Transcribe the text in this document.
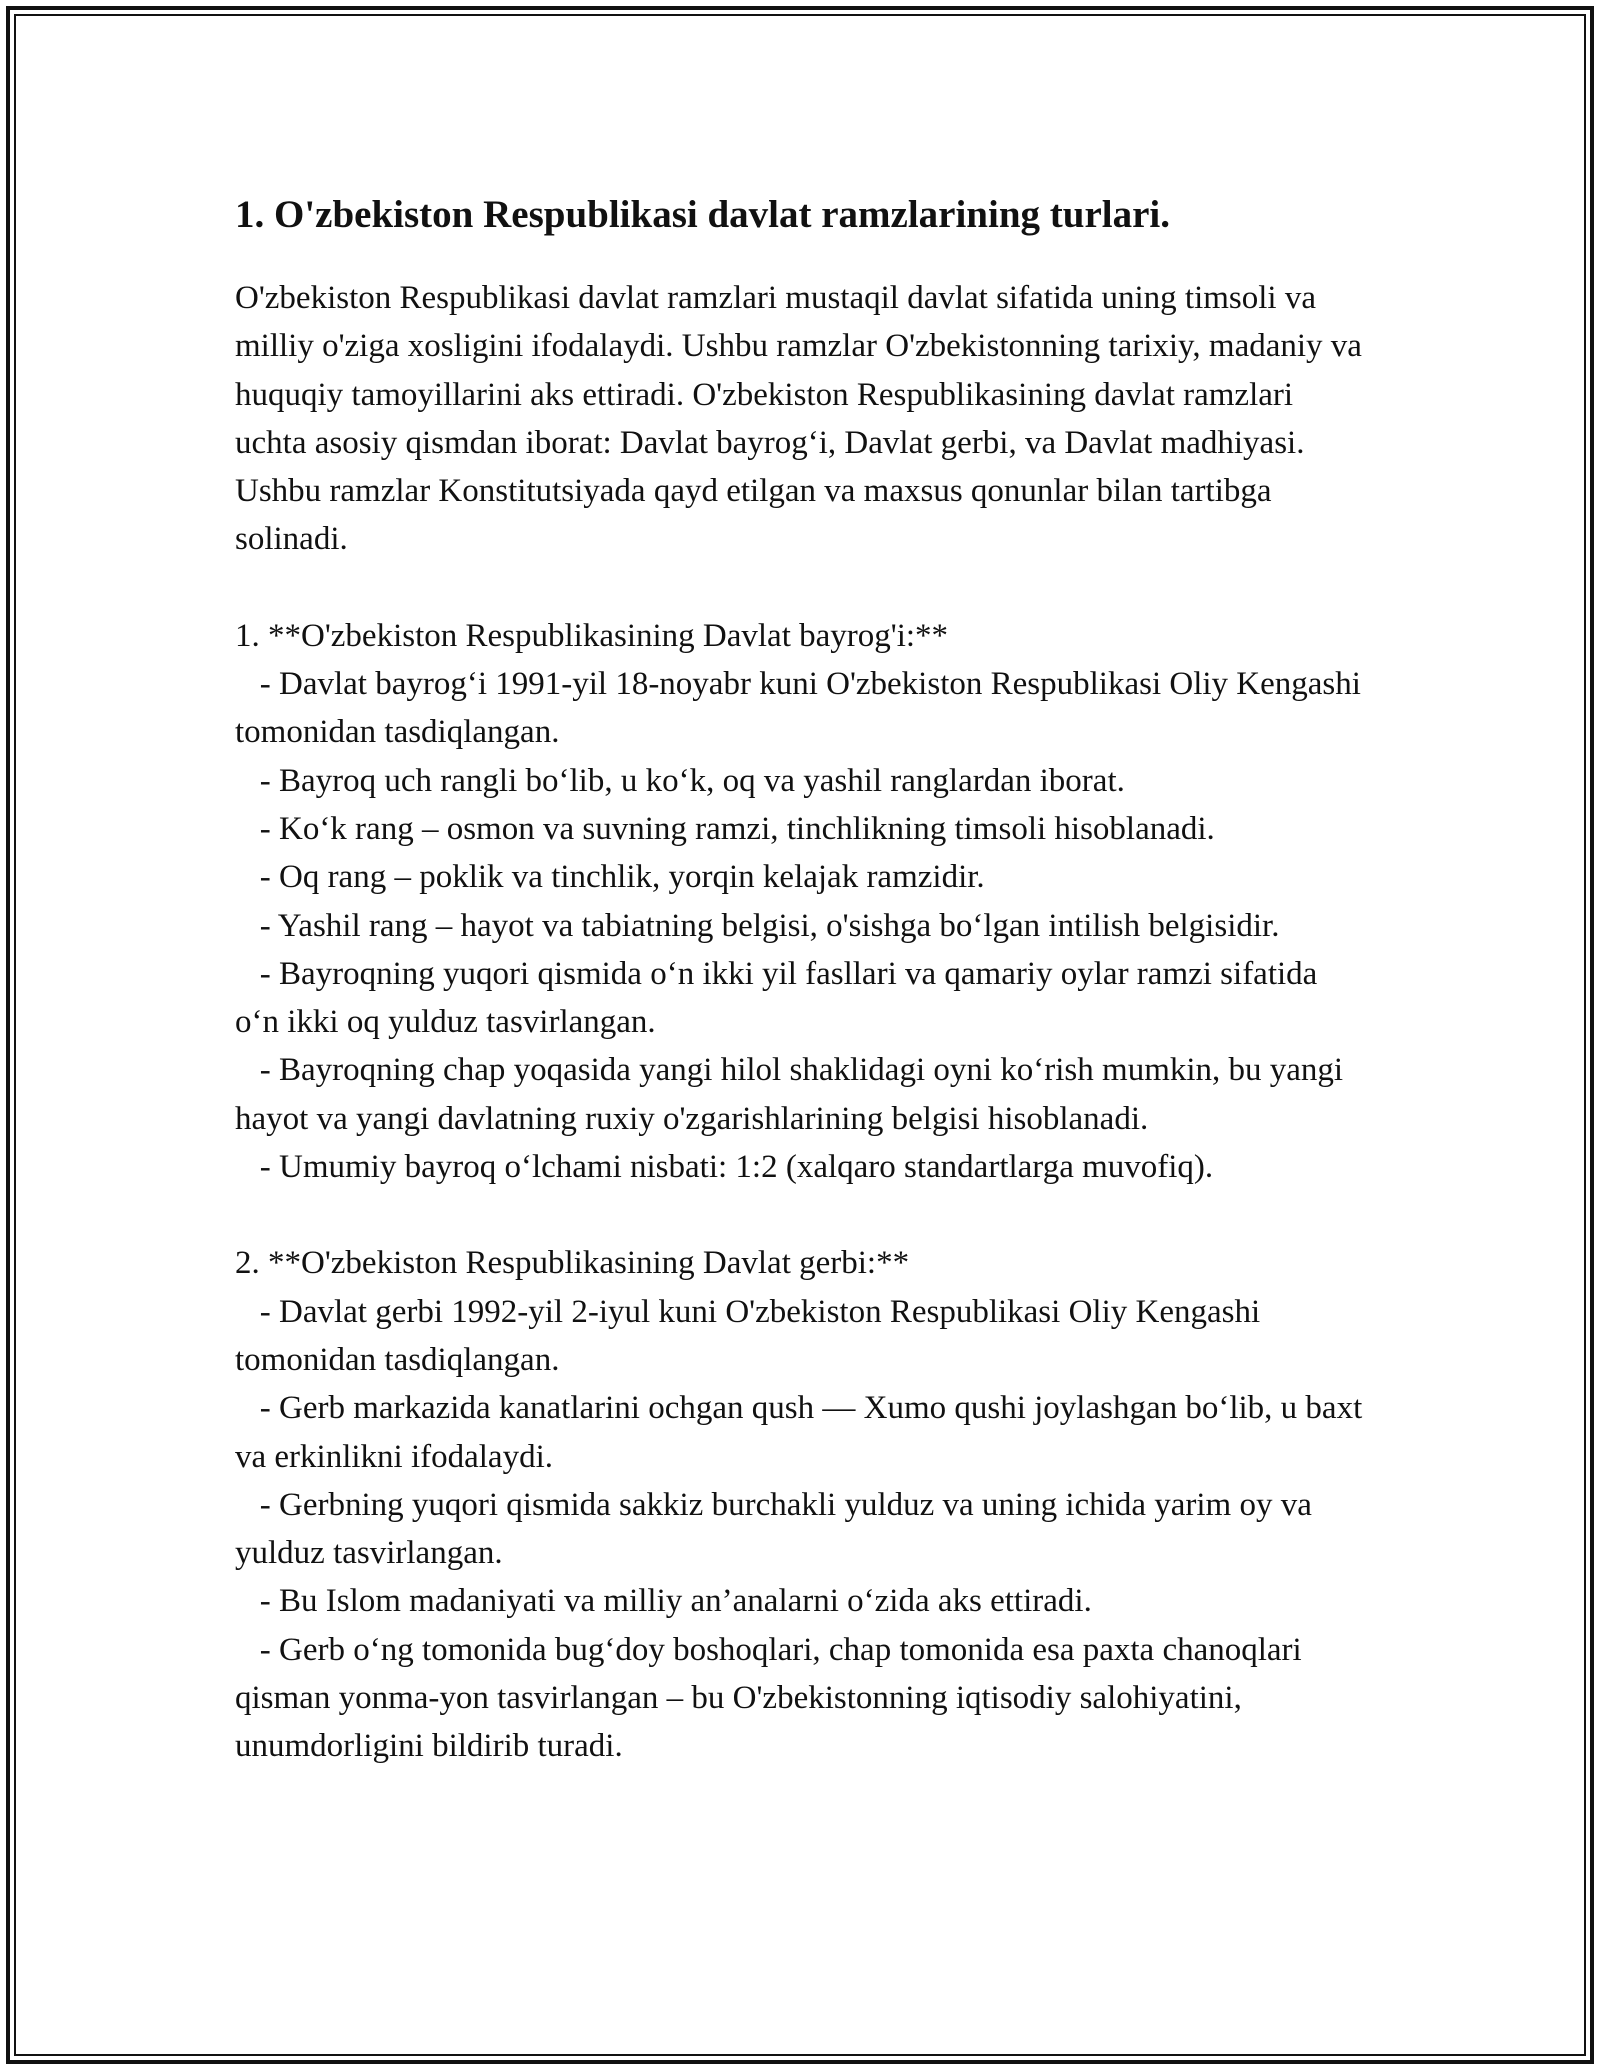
1. O'zbekiston Respublikasi davlat ramzlarining turlari.

O'zbekiston Respublikasi davlat ramzlari mustaqil davlat sifatida uning timsoli va milliy o'ziga xosligini ifodalaydi. Ushbu ramzlar O'zbekistonning tarixiy, madaniy va huquqiy tamoyillarini aks ettiradi. O'zbekiston Respublikasining davlat ramzlari uchta asosiy qismdan iborat: Davlat bayrog‘i, Davlat gerbi, va Davlat madhiyasi. Ushbu ramzlar Konstitutsiyada qayd etilgan va maxsus qonunlar bilan tartibga solinadi.

1. **O'zbekiston Respublikasining Davlat bayrog'i:**

- Davlat bayrog‘i 1991-yil 18-noyabr kuni O'zbekiston Respublikasi Oliy Kengashi tomonidan tasdiqlangan.

- Bayroq uch rangli bo‘lib, u ko‘k, oq va yashil ranglardan iborat.

- Ko‘k rang – osmon va suvning ramzi, tinchlikning timsoli hisoblanadi.

- Oq rang – poklik va tinchlik, yorqin kelajak ramzidir.

- Yashil rang – hayot va tabiatning belgisi, o'sishga bo‘lgan intilish belgisidir.

- Bayroqning yuqori qismida o‘n ikki yil fasllari va qamariy oylar ramzi sifatida o‘n ikki oq yulduz tasvirlangan.

- Bayroqning chap yoqasida yangi hilol shaklidagi oyni ko‘rish mumkin, bu yangi hayot va yangi davlatning ruxiy o'zgarishlarining belgisi hisoblanadi.

- Umumiy bayroq o‘lchami nisbati: 1:2 (xalqaro standartlarga muvofiq).

2. **O'zbekiston Respublikasining Davlat gerbi:**

- Davlat gerbi 1992-yil 2-iyul kuni O'zbekiston Respublikasi Oliy Kengashi tomonidan tasdiqlangan.

- Gerb markazida kanatlarini ochgan qush — Xumo qushi joylashgan bo‘lib, u baxt va erkinlikni ifodalaydi.

- Gerbning yuqori qismida sakkiz burchakli yulduz va uning ichida yarim oy va yulduz tasvirlangan.

- Bu Islom madaniyati va milliy an’analarni o‘zida aks ettiradi.

- Gerb o‘ng tomonida bug‘doy boshoqlari, chap tomonida esa paxta chanoqlari qisman yonma-yon tasvirlangan – bu O'zbekistonning iqtisodiy salohiyatini, unumdorligini bildirib turadi.
